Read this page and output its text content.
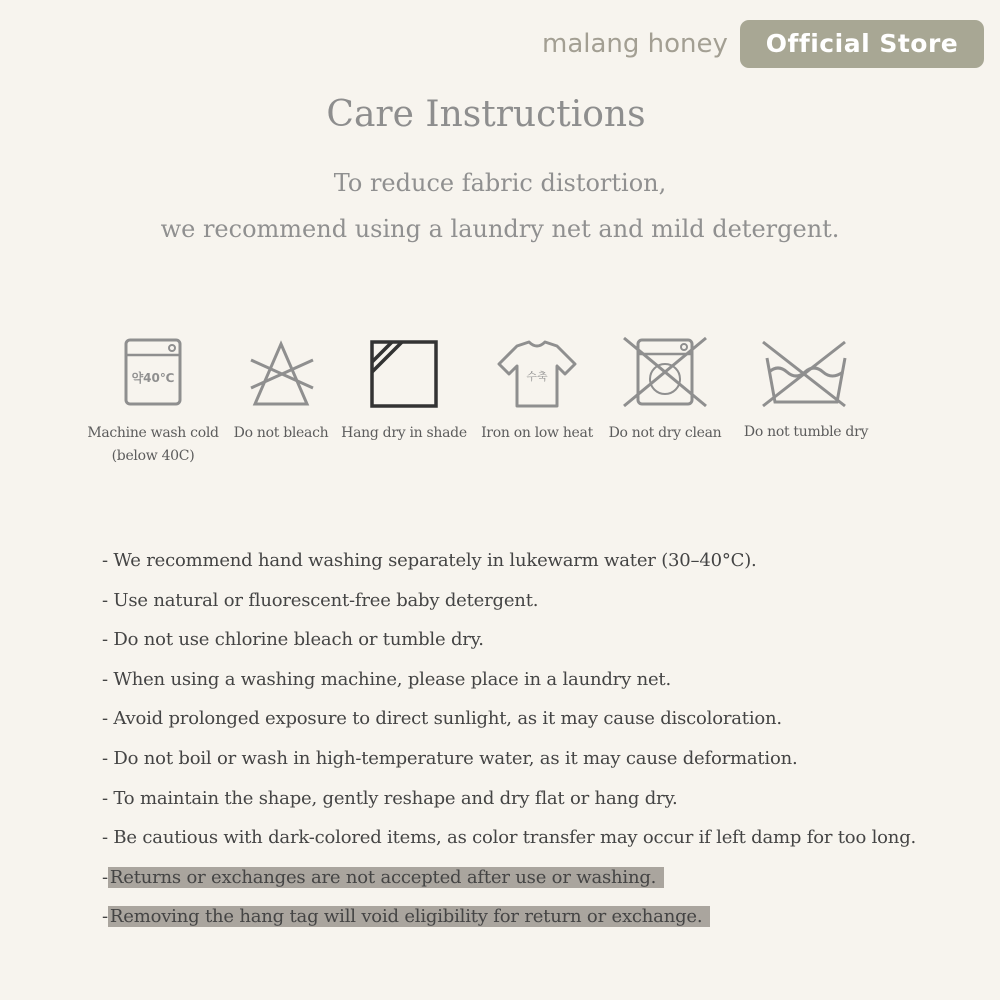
malang honey	Official Store
Care Instructions
To reduce fabric distortion,
we recommend using a laundry net and mild detergent.
약40℃
Machine wash cold
(below 40C)
Do not bleach Hang dry in shade
수축
Iron on low heat	Do not dry clean	Do not tumble dry
- We recommend hand washing separately in lukewarm water (30–40°C).
- Use natural or fluorescent-free baby detergent.
- Do not use chlorine bleach or tumble dry.
- When using a washing machine, please place in a laundry net.
- Avoid prolonged exposure to direct sunlight, as it may cause discoloration.
- Do not boil or wash in high-temperature water, as it may cause deformation.
- To maintain the shape, gently reshape and dry flat or hang dry.
- Be cautious with dark-colored items, as color transfer may occur if left damp for too long.
- Returns or exchanges are not accepted after use or washing.
- Removing the hang tag will void eligibility for return or exchange.
